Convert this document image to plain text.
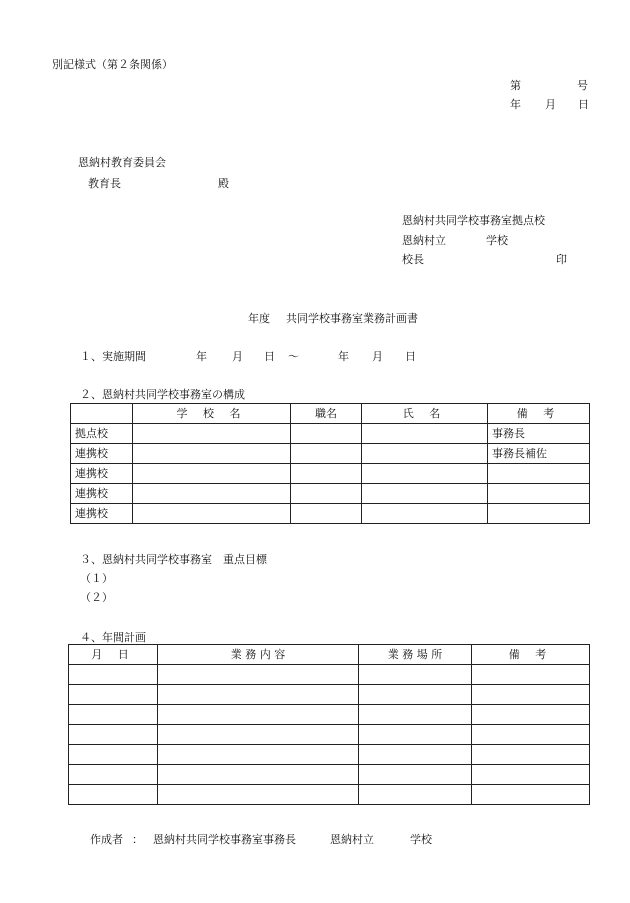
別記様式（第２条関係）
第	号
年 月 日
恩納村教育委員会
教育長	殿
恩納村共同学校事務室拠点校
恩納村立	学校
校長	印
年度 共同学校事務室業務計画書
１、実施期間	年 月 日 ～	年 月 日
２、恩納村共同学校事務室の構成
	学 校 名	職名	氏 名	備 考
拠点校				事務長
連携校				事務長補佐
連携校				
連携校				
連携校				
３、恩納村共同学校事務室　重点目標
（１）
（２）
４、年間計画
月 日	業 務 内 容	業 務 場 所	備 考

作成者 ： 恩納村共同学校事務室事務長	恩納村立	学校
